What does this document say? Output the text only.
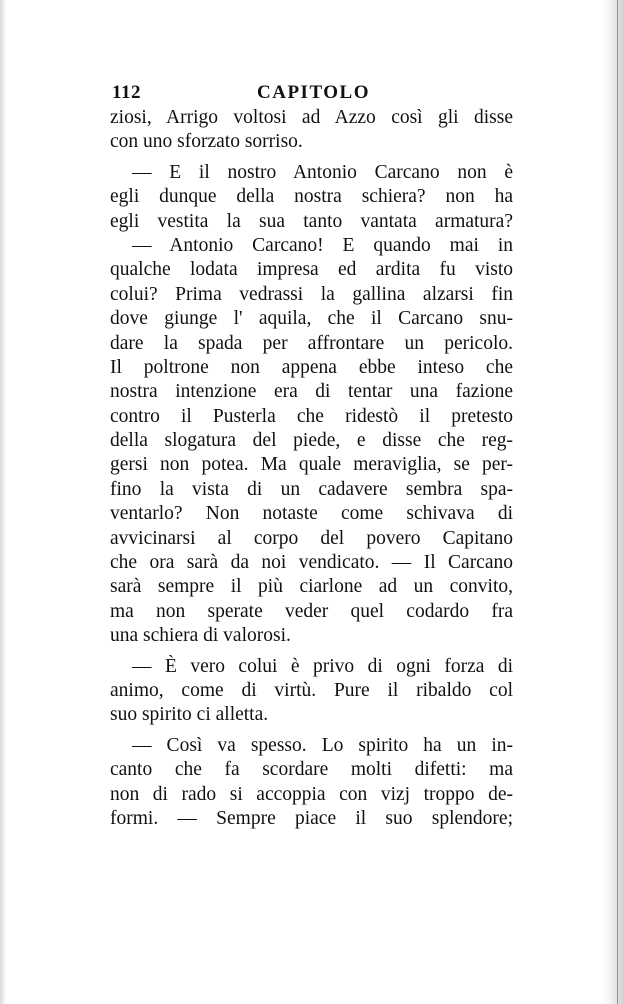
112	CAPITOLO
ziosi, Arrigo voltosi ad Azzo così gli disse
con uno sforzato sorriso.
— E il nostro Antonio Carcano non è
egli dunque della nostra schiera? non ha
egli vestita la sua tanto vantata armatura?
— Antonio Carcano! E quando mai in
qualche lodata impresa ed ardita fu visto
colui? Prima vedrassi la gallina alzarsi fin
dove giunge l' aquila, che il Carcano snu-
dare la spada per affrontare un pericolo.
Il poltrone non appena ebbe inteso che
nostra intenzione era di tentar una fazione
contro il Pusterla che ridestò il pretesto
della slogatura del piede, e disse che reg-
gersi non potea. Ma quale meraviglia, se per-
fino la vista di un cadavere sembra spa-
ventarlo? Non notaste come schivava di
avvicinarsi al corpo del povero Capitano
che ora sarà da noi vendicato. — Il Carcano
sarà sempre il più ciarlone ad un convito,
ma non sperate veder quel codardo fra
una schiera di valorosi.
— È vero colui è privo di ogni forza di
animo, come di virtù. Pure il ribaldo col
suo spirito ci alletta.
— Così va spesso. Lo spirito ha un in-
canto che fa scordare molti difetti: ma
non di rado si accoppia con vizj troppo de-
formi. — Sempre piace il suo splendore;
